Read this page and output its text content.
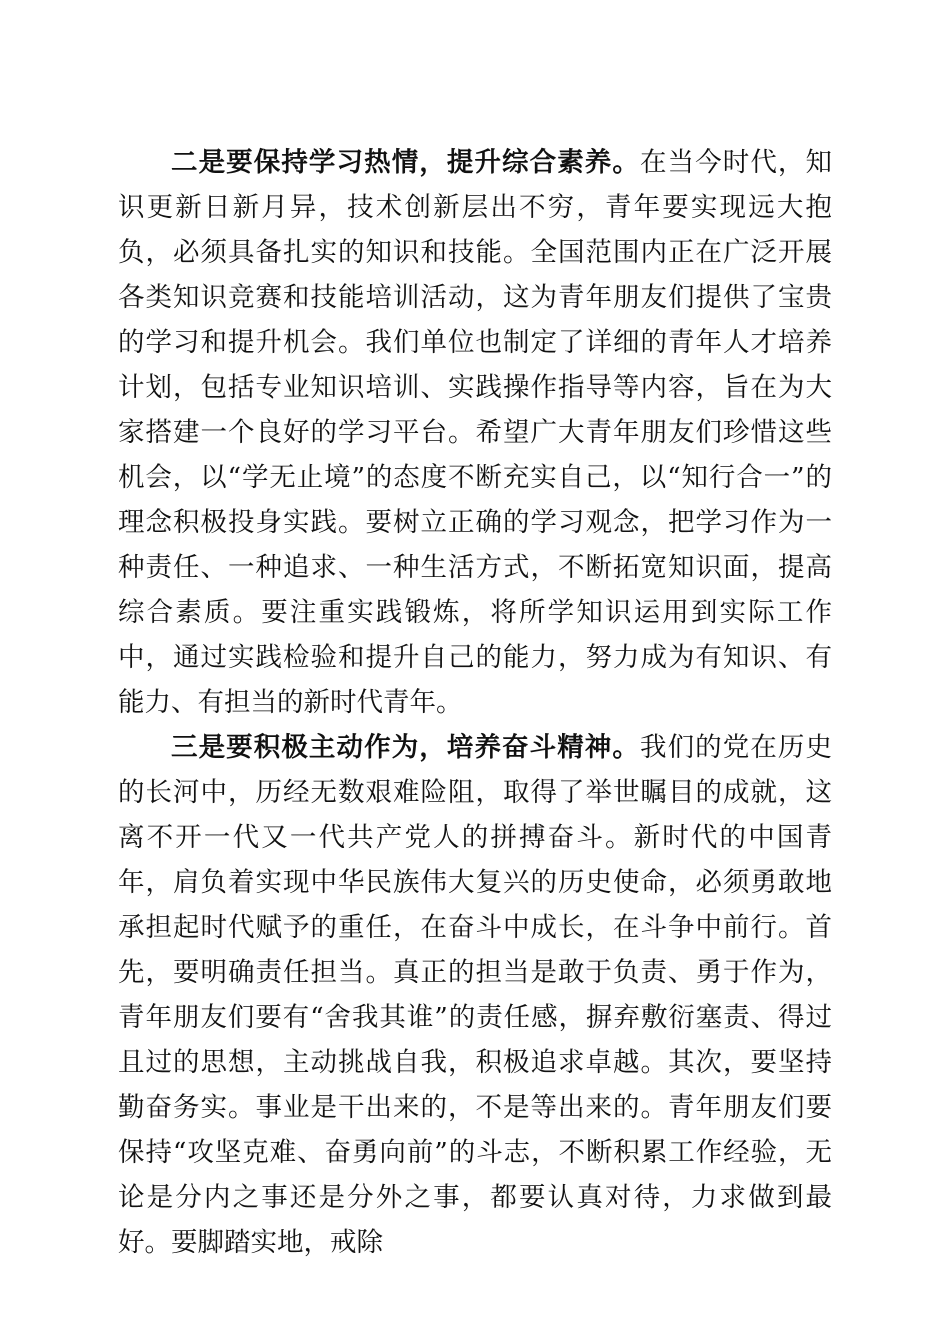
二是要保持学习热情，提升综合素养。在当今时代，知识更新日新月异，技术创新层出不穷，青年要实现远大抱负，必须具备扎实的知识和技能。全国范围内正在广泛开展各类知识竞赛和技能培训活动，这为青年朋友们提供了宝贵的学习和提升机会。我们单位也制定了详细的青年人才培养计划，包括专业知识培训、实践操作指导等内容，旨在为大家搭建一个良好的学习平台。希望广大青年朋友们珍惜这些机会，以“学无止境”的态度不断充实自己，以“知行合一”的理念积极投身实践。要树立正确的学习观念，把学习作为一种责任、一种追求、一种生活方式，不断拓宽知识面，提高综合素质。要注重实践锻炼，将所学知识运用到实际工作中，通过实践检验和提升自己的能力，努力成为有知识、有能力、有担当的新时代青年。

三是要积极主动作为，培养奋斗精神。我们的党在历史的长河中，历经无数艰难险阻，取得了举世瞩目的成就，这离不开一代又一代共产党人的拼搏奋斗。新时代的中国青年，肩负着实现中华民族伟大复兴的历史使命，必须勇敢地承担起时代赋予的重任，在奋斗中成长，在斗争中前行。首先，要明确责任担当。真正的担当是敢于负责、勇于作为，青年朋友们要有“舍我其谁”的责任感，摒弃敷衍塞责、得过且过的思想，主动挑战自我，积极追求卓越。其次，要坚持勤奋务实。事业是干出来的，不是等出来的。青年朋友们要保持“攻坚克难、奋勇向前”的斗志，不断积累工作经验，无论是分内之事还是分外之事，都要认真对待，力求做到最好。要脚踏实地，戒除
